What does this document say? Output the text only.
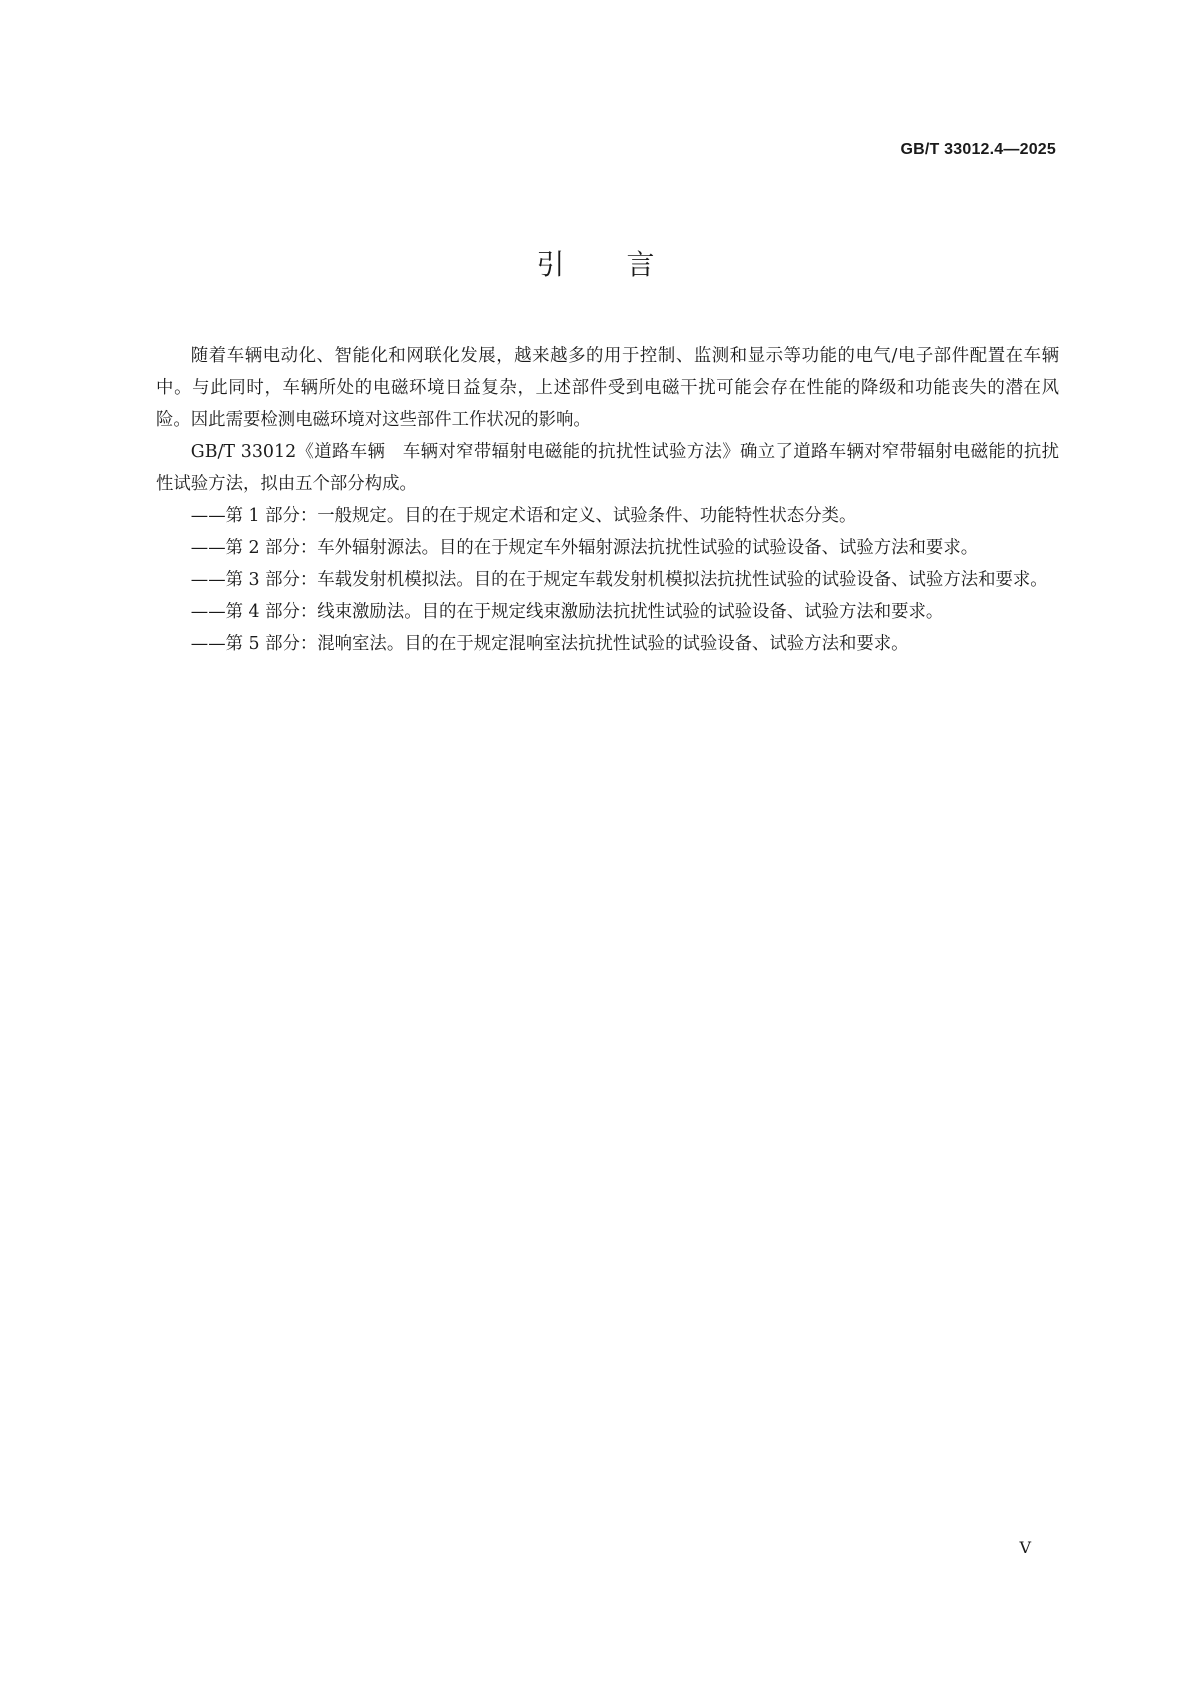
GB/T 33012.4—2025
引言

随着车辆电动化、智能化和网联化发展，越来越多的用于控制、监测和显示等功能的电气/电子部件配置在车辆中。与此同时，车辆所处的电磁环境日益复杂，上述部件受到电磁干扰可能会存在性能的降级和功能丧失的潜在风险。因此需要检测电磁环境对这些部件工作状况的影响。

GB/T 33012《道路车辆　车辆对窄带辐射电磁能的抗扰性试验方法》确立了道路车辆对窄带辐射电磁能的抗扰性试验方法，拟由五个部分构成。

——第 1 部分：一般规定。目的在于规定术语和定义、试验条件、功能特性状态分类。

——第 2 部分：车外辐射源法。目的在于规定车外辐射源法抗扰性试验的试验设备、试验方法和要求。

——第 3 部分：车载发射机模拟法。目的在于规定车载发射机模拟法抗扰性试验的试验设备、试验方法和要求。

——第 4 部分：线束激励法。目的在于规定线束激励法抗扰性试验的试验设备、试验方法和要求。

——第 5 部分：混响室法。目的在于规定混响室法抗扰性试验的试验设备、试验方法和要求。

V
